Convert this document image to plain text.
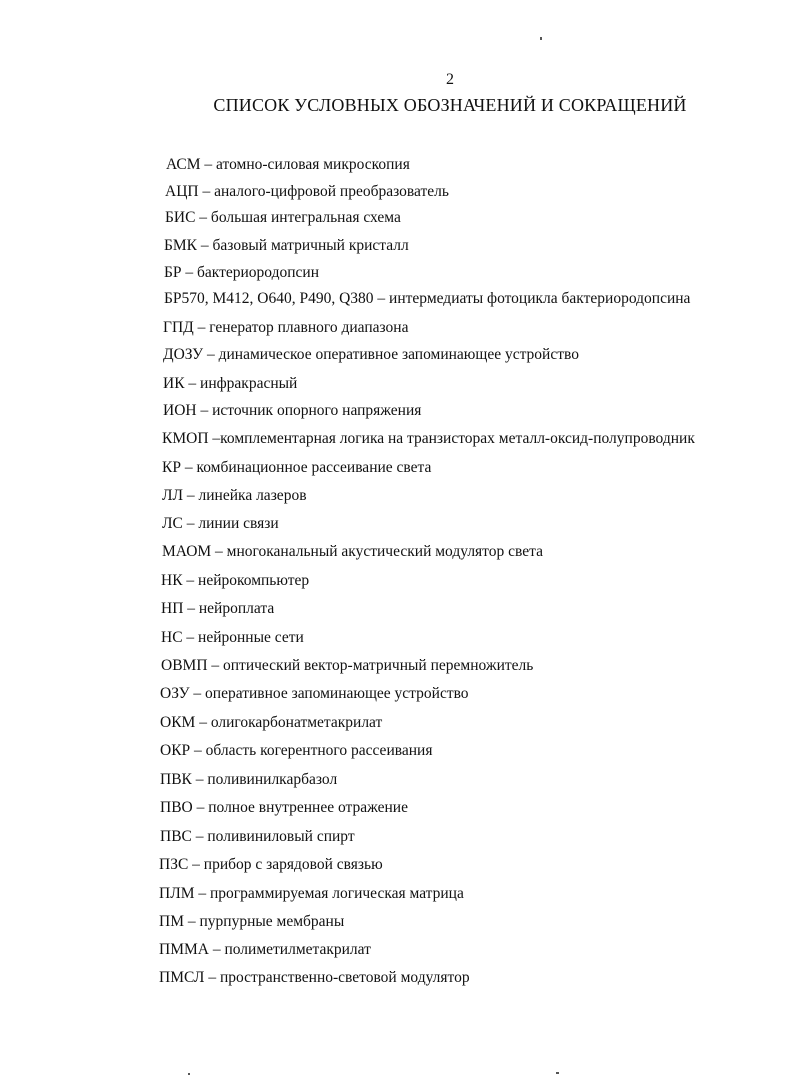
2

СПИСОК УСЛОВНЫХ ОБОЗНАЧЕНИЙ И СОКРАЩЕНИЙ
АСМ – атомно-силовая микроскопия
АЦП – аналого-цифровой преобразователь
БИС – большая интегральная схема
БМК – базовый матричный кристалл
БР – бактериородопсин
БР570, M412, O640, P490, Q380 – интермедиаты фотоцикла бактериородопсина
ГПД – генератор плавного диапазона
ДОЗУ – динамическое оперативное запоминающее устройство
ИК – инфракрасный
ИОН – источник опорного напряжения
КМОП –комплементарная логика на транзисторах металл-оксид-полупроводник
КР – комбинационное рассеивание света
ЛЛ – линейка лазеров
ЛС – линии связи
МАОМ – многоканальный акустический модулятор света
НК – нейрокомпьютер
НП – нейроплата
НС – нейронные сети
ОВМП – оптический вектор-матричный перемножитель
ОЗУ – оперативное запоминающее устройство
ОКМ – олигокарбонатметакрилат
ОКР – область когерентного рассеивания
ПВК – поливинилкарбазол
ПВО – полное внутреннее отражение
ПВС – поливиниловый спирт
ПЗС – прибор с зарядовой связью
ПЛМ – программируемая логическая матрица
ПМ – пурпурные мембраны
ПММА – полиметилметакрилат
ПМСЛ – пространственно-световой модулятор
